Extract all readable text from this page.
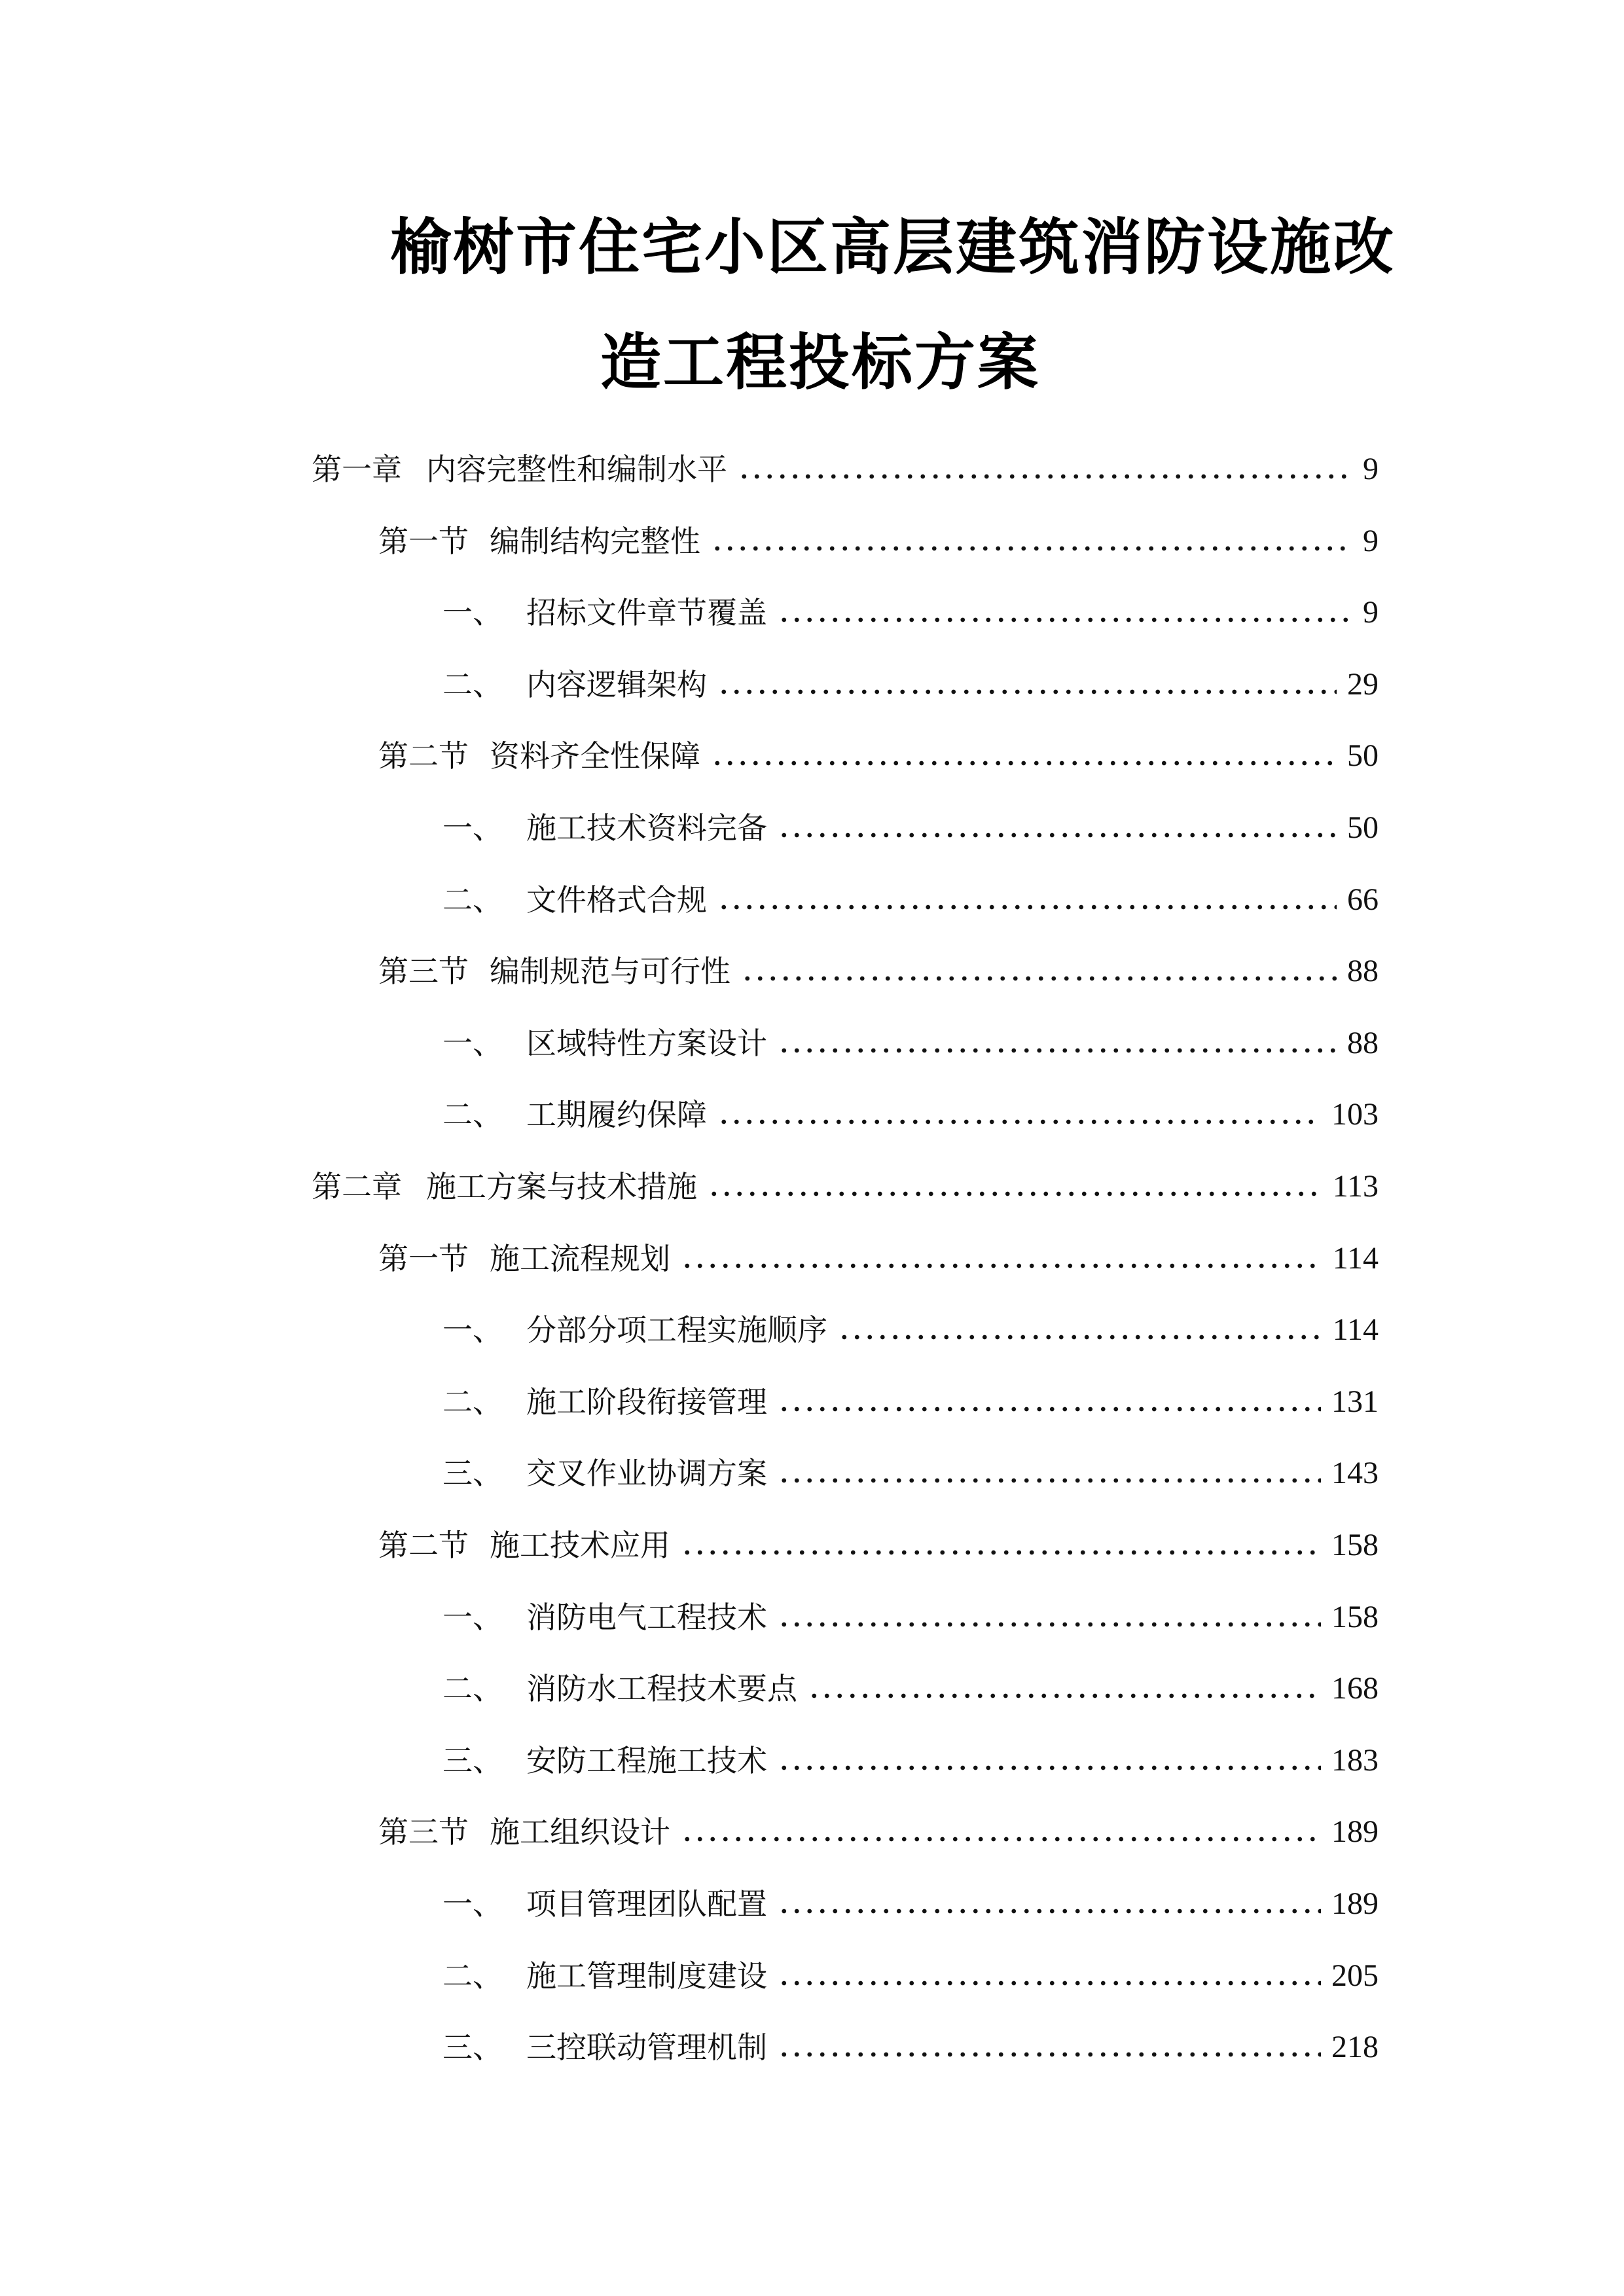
榆树市住宅小区高层建筑消防设施改
造工程投标方案
第一章 内容完整性和编制水平	9
第一节 编制结构完整性	9
一、 招标文件章节覆盖	9
二、 内容逻辑架构	29
第二节 资料齐全性保障	50
一、 施工技术资料完备	50
二、 文件格式合规	66
第三节 编制规范与可行性	88
一、 区域特性方案设计	88
二、 工期履约保障	103
第二章 施工方案与技术措施	113
第一节 施工流程规划	114
一、 分部分项工程实施顺序	114
二、 施工阶段衔接管理	131
三、 交叉作业协调方案	143
第二节 施工技术应用	158
一、 消防电气工程技术	158
二、 消防水工程技术要点	168
三、 安防工程施工技术	183
第三节 施工组织设计	189
一、 项目管理团队配置	189
二、 施工管理制度建设	205
三、 三控联动管理机制	218
